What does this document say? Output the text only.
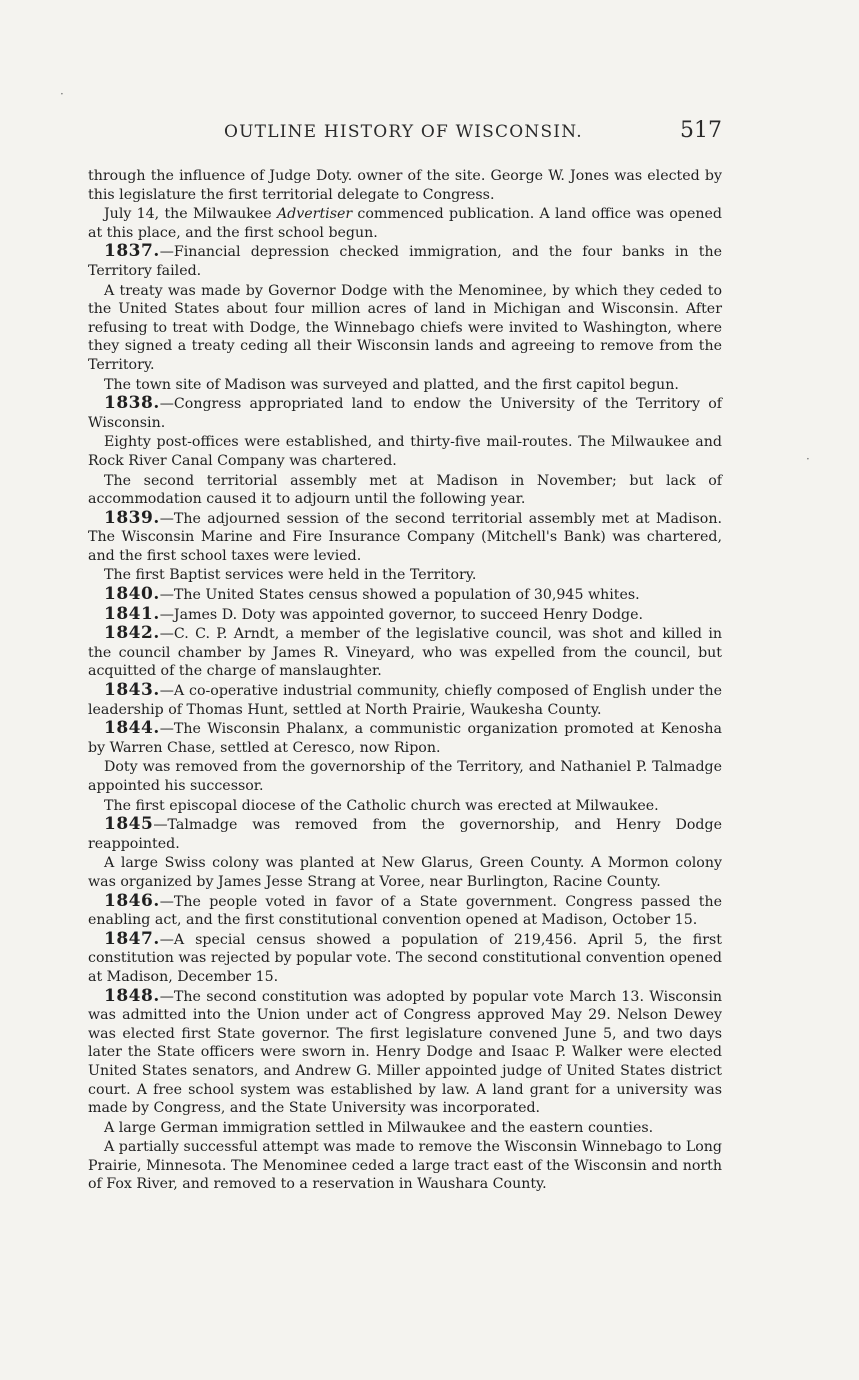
·
·
OUTLINE HISTORY OF WISCONSIN.	517

through the influence of Judge Doty. owner of the site. George W. Jones was elected by this legislature the first territorial delegate to Congress.

July 14, the Milwaukee Advertiser commenced publication. A land office was opened at this place, and the first school begun.

1837.—Financial depression checked immigration, and the four banks in the Territory failed.

A treaty was made by Governor Dodge with the Menominee, by which they ceded to the United States about four million acres of land in Michigan and Wisconsin. After refusing to treat with Dodge, the Winnebago chiefs were invited to Washington, where they signed a treaty ceding all their Wisconsin lands and agreeing to remove from the Territory.

The town site of Madison was surveyed and platted, and the first capitol begun.

1838.—Congress appropriated land to endow the University of the Territory of Wisconsin.

Eighty post-offices were established, and thirty-five mail-routes. The Milwaukee and Rock River Canal Company was chartered.

The second territorial assembly met at Madison in November; but lack of accommodation caused it to adjourn until the following year.

1839.—The adjourned session of the second territorial assembly met at Madison. The Wisconsin Marine and Fire Insurance Company (Mitchell's Bank) was chartered, and the first school taxes were levied.

The first Baptist services were held in the Territory.

1840.—The United States census showed a population of 30,945 whites.

1841.—James D. Doty was appointed governor, to succeed Henry Dodge.

1842.—C. C. P. Arndt, a member of the legislative council, was shot and killed in the council chamber by James R. Vineyard, who was expelled from the council, but acquitted of the charge of manslaughter.

1843.—A co-operative industrial community, chiefly composed of English under the leadership of Thomas Hunt, settled at North Prairie, Waukesha County.

1844.—The Wisconsin Phalanx, a communistic organization promoted at Kenosha by Warren Chase, settled at Ceresco, now Ripon.

Doty was removed from the governorship of the Territory, and Nathaniel P. Talmadge appointed his successor.

The first episcopal diocese of the Catholic church was erected at Milwaukee.

1845—Talmadge was removed from the governorship, and Henry Dodge reappointed.

A large Swiss colony was planted at New Glarus, Green County. A Mormon colony was organized by James Jesse Strang at Voree, near Burlington, Racine County.

1846.—The people voted in favor of a State government. Congress passed the enabling act, and the first constitutional convention opened at Madison, October 15.

1847.—A special census showed a population of 219,456. April 5, the first constitution was rejected by popular vote. The second constitutional convention opened at Madison, December 15.

1848.—The second constitution was adopted by popular vote March 13. Wisconsin was admitted into the Union under act of Congress approved May 29. Nelson Dewey was elected first State governor. The first legislature convened June 5, and two days later the State officers were sworn in. Henry Dodge and Isaac P. Walker were elected United States senators, and Andrew G. Miller appointed judge of United States district court. A free school system was established by law. A land grant for a university was made by Congress, and the State University was incorporated.

A large German immigration settled in Milwaukee and the eastern counties.

A partially successful attempt was made to remove the Wisconsin Winnebago to Long Prairie, Minnesota. The Menominee ceded a large tract east of the Wisconsin and north of Fox River, and removed to a reservation in Waushara County.
